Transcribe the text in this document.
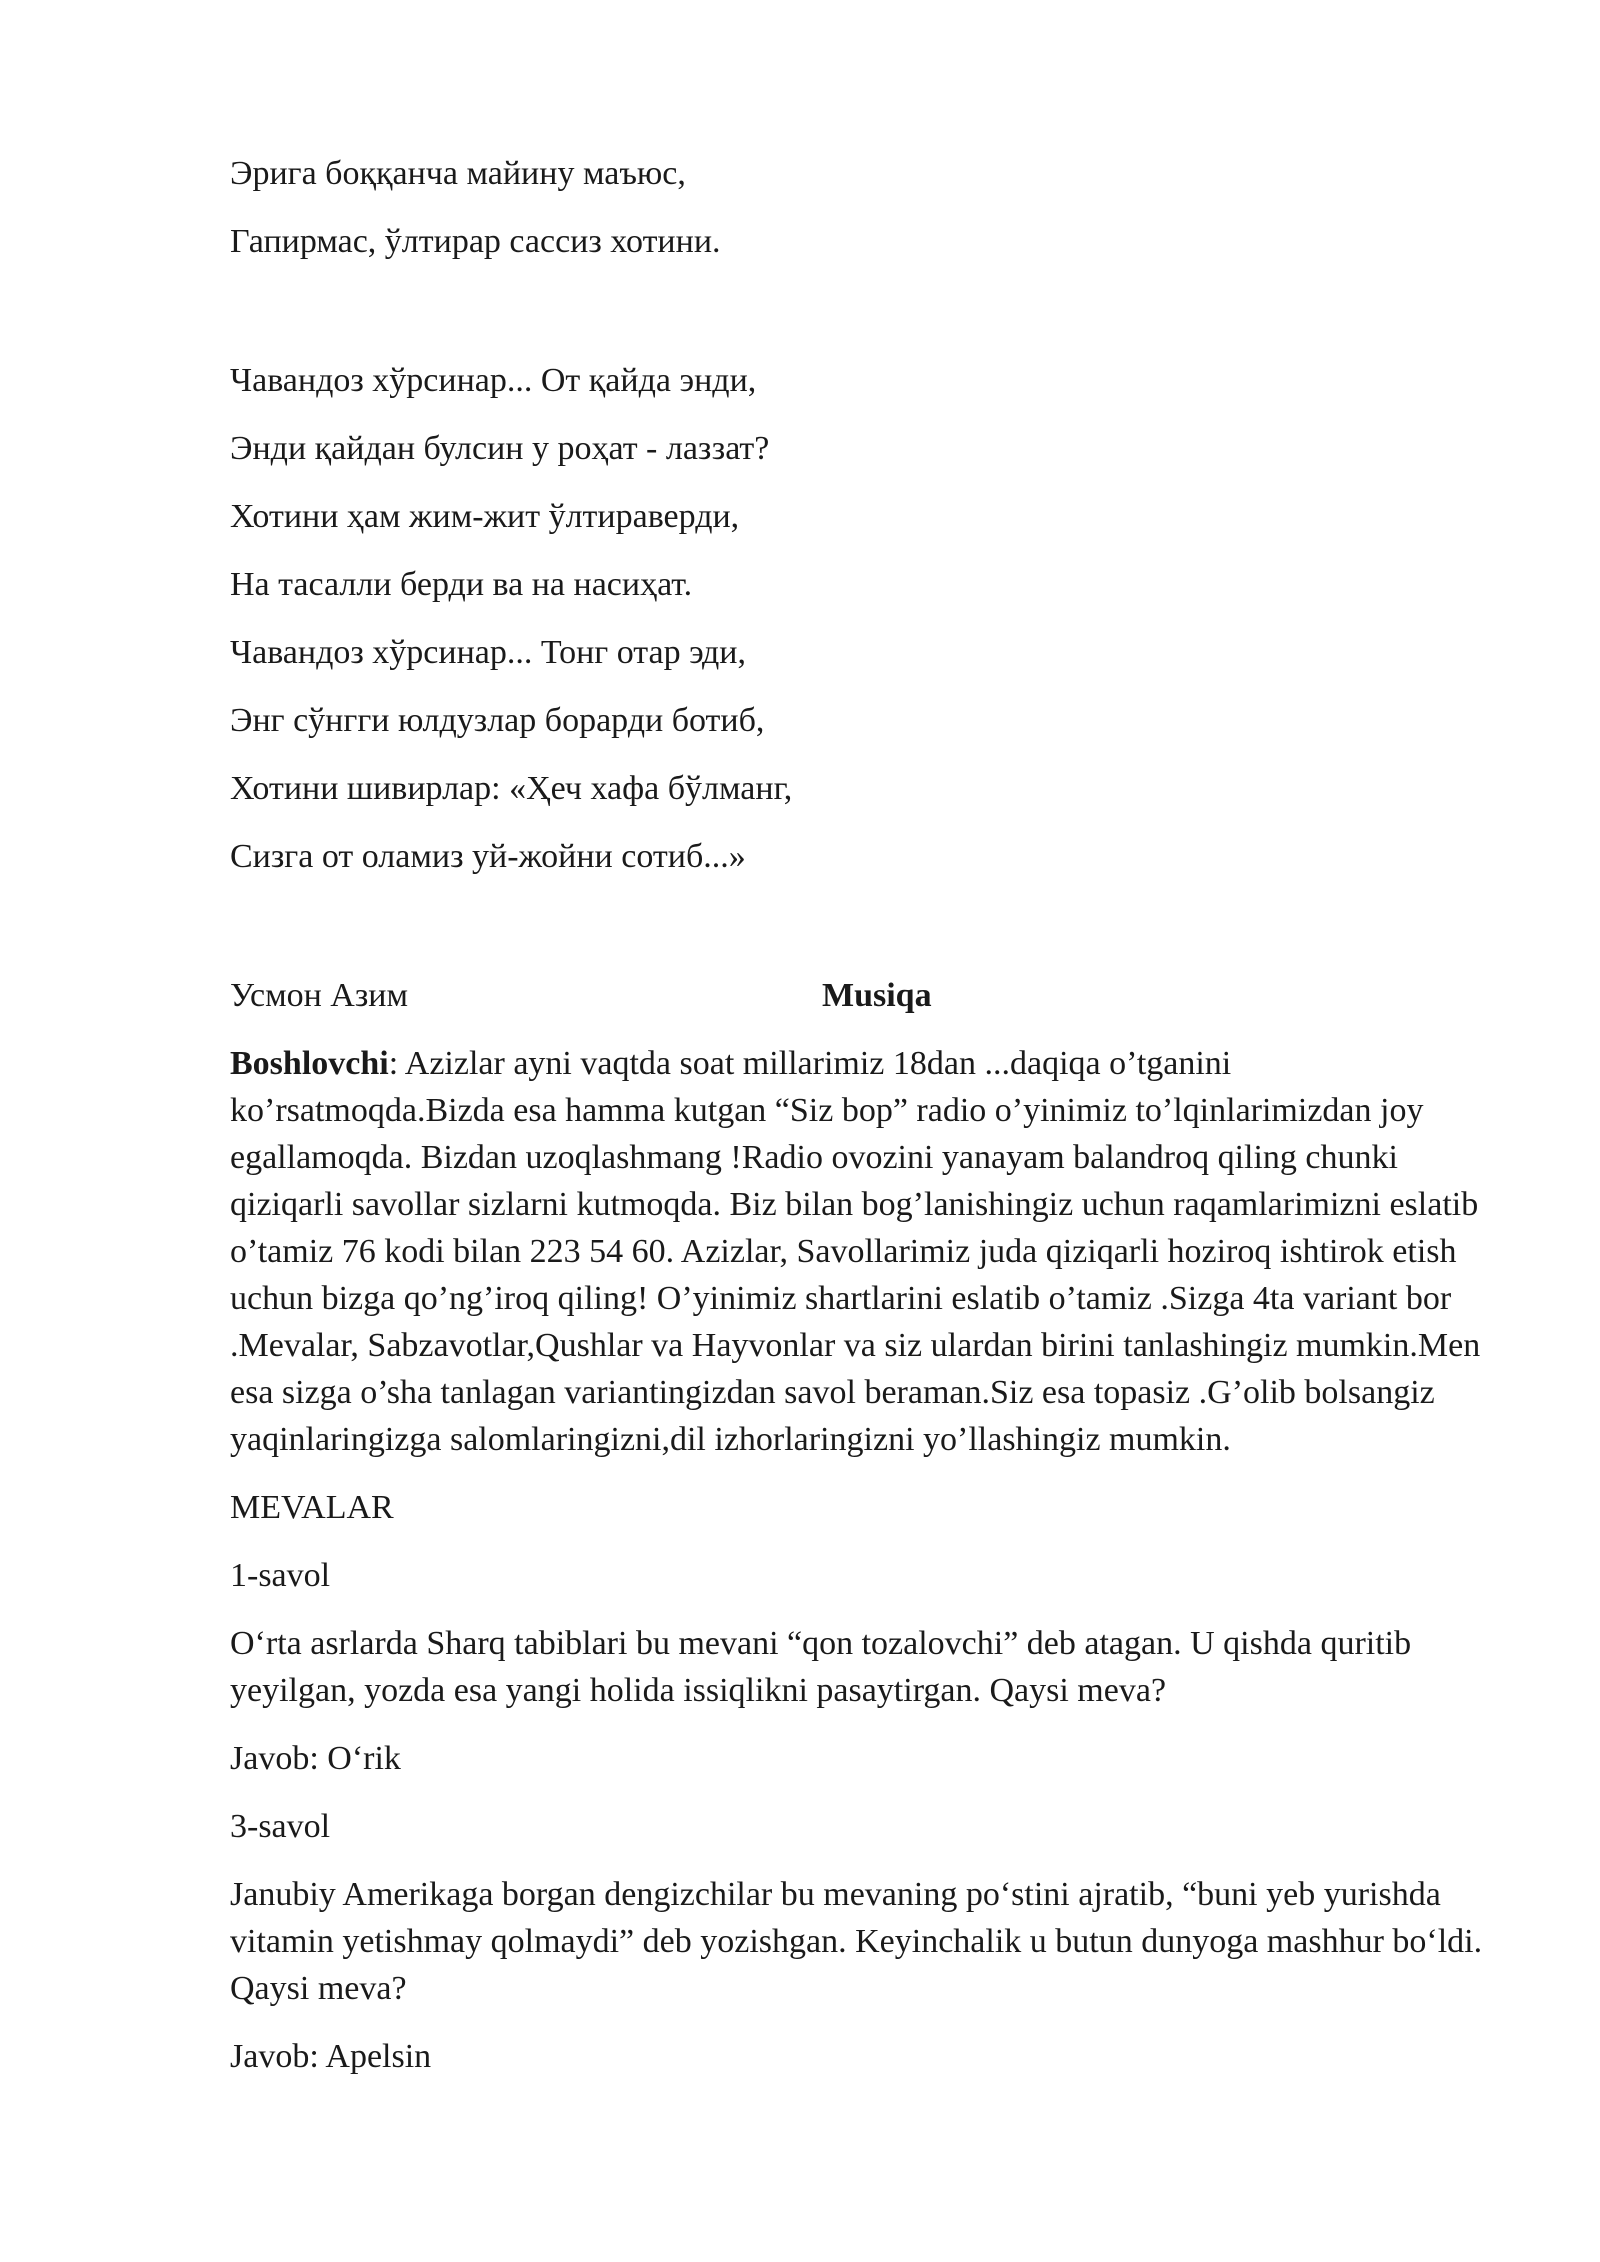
Эрига боққанча майину маъюс,
Гапирмас, ўлтирар сассиз хотини.
Чавандоз хўрсинар... От қайда энди,
Энди қайдан булсин у роҳат - лаззат?
Хотини ҳам жим-жит ўлтираверди,
На тасалли берди ва на насиҳат.
Чавандоз хўрсинар... Тонг отар эди,
Энг сўнгги юлдузлар борарди ботиб,
Хотини шивирлар: «Ҳеч хафа бўлманг,
Сизга от оламиз уй-жойни сотиб...»
Усмон Азим	Musiqa
Boshlovchi: Azizlar ayni vaqtda soat millarimiz 18dan ...daqiqa o’tganini ko’rsatmoqda.Bizda esa hamma kutgan “Siz bop” radio o’yinimiz to’lqinlarimizdan joy egallamoqda. Bizdan uzoqlashmang !Radio ovozini yanayam balandroq qiling chunki qiziqarli savollar sizlarni kutmoqda. Biz bilan bog’lanishingiz uchun raqamlarimizni eslatib o’tamiz 76 kodi bilan 223 54 60. Azizlar, Savollarimiz juda qiziqarli hoziroq ishtirok etish uchun bizga qo’ng’iroq qiling! O’yinimiz shartlarini eslatib o’tamiz .Sizga 4ta variant bor .Mevalar, Sabzavotlar,Qushlar va Hayvonlar va siz ulardan birini tanlashingiz mumkin.Men esa sizga o’sha tanlagan variantingizdan savol beraman.Siz esa topasiz .G’olib bolsangiz yaqinlaringizga salomlaringizni,dil izhorlaringizni yo’llashingiz mumkin.
MEVALAR
1-savol
O‘rta asrlarda Sharq tabiblari bu mevani “qon tozalovchi” deb atagan. U qishda quritib yeyilgan, yozda esa yangi holida issiqlikni pasaytirgan. Qaysi meva?
Javob: O‘rik
3-savol
Janubiy Amerikaga borgan dengizchilar bu mevaning po‘stini ajratib, “buni yeb yurishda vitamin yetishmay qolmaydi” deb yozishgan. Keyinchalik u butun dunyoga mashhur bo‘ldi. Qaysi meva?
Javob: Apelsin
